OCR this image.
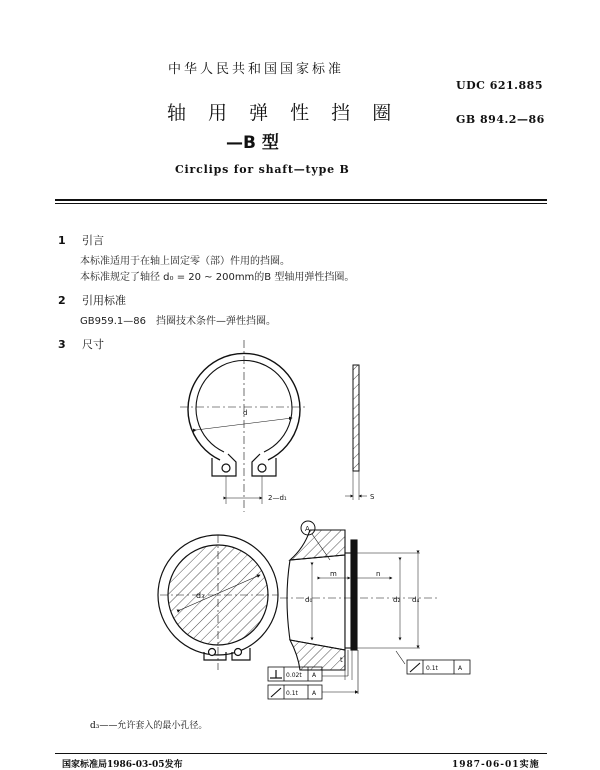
中华人民共和国国家标准
UDC 621.885
轴 用 弹 性 挡 圈	GB 894.2—86
—B 型
Circlips for shaft—type B
1 引言
本标准适用于在轴上固定零（部）件用的挡圈。
本标准规定了轴径 d₀ = 20 ~ 200mm的B 型轴用弹性挡圈。
2 引用标准
GB959.1—86　挡圈技术条件—弹性挡圈。
3 尺寸
d
2—d₁	S
d₃
A
m	n
d₀	d₂ d₄
t
0.02t A
0.1t A
0.1t	A
d₃——允许套入的最小孔径。
国家标准局1986-03-05发布	1987-06-01实施
